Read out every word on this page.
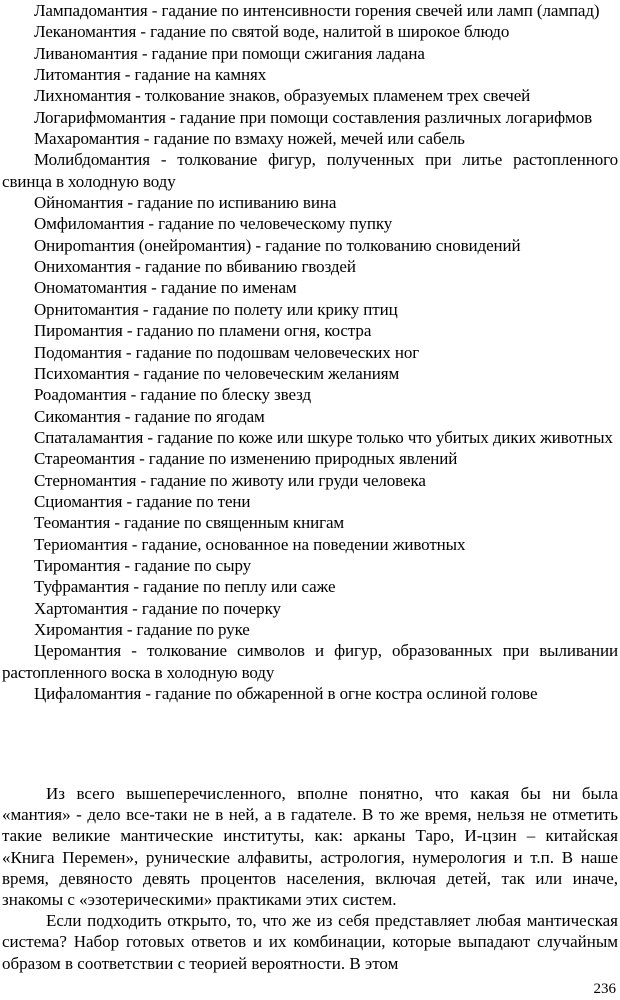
Лампадомантия - гадание по интенсивности горения свечей или ламп (лампад)

Леканомантия - гадание по святой воде, налитой в широкое блюдо

Ливаномантия - гадание при помощи сжигания ладана

Литомантия - гадание на камнях

Лихномантия - толкование знаков, образуемых пламенем трех свечей

Логарифмомантия - гадание при помощи составления различных логарифмов

Махаромантия - гадание по взмаху ножей, мечей или сабель

Молибдомантия - толкование фигур, полученных при литье растопленного свинца в холодную воду

Ойномантия - гадание по испиванию вина

Омфиломантия - гадание по человеческому пупку

Онирomaнтия (онейромантия) - гадание по толкованию сновидений

Онихомантия - гадание по вбиванию гвоздей

Ономатомантия - гадание по именам

Орнитомантия - гадание по полету или крику птиц

Пиромантия - гаданио по пламени огня, костра

Подомантия - гадание по подошвам человеческих ног

Психомантия - гадание по человеческим желаниям

Роадомантия - гадание по блеску звезд

Сикомантия - гадание по ягодам

Спаталамантия - гадание по коже или шкуре только что убитых диких животных

Стареомантия - гадание по изменению природных явлений

Стерномантия - гадание по животу или груди человека

Сциомантия - гадание по тени

Теомантия - гадание по священным книгам

Териомантия - гадание, основанное на поведении животных

Тиромантия - гадание по сыру

Туфрамантия - гадание по пеплу или саже

Хартомантия - гадание по почерку

Хиромантия - гадание по руке

Церомантия - толкование символов и фигур, образованных при выливании растопленного воска в холодную воду

Цифаломантия - гадание по обжаренной в огне костра ослиной голове

Из всего вышеперечисленного, вполне понятно, что какая бы ни была «мантия» - дело все-таки не в ней, а в гадателе. В то же время, нельзя не отметить такие великие мантические институты, как: арканы Таро, И-цзин – китайская «Книга Перемен», рунические алфавиты, астрология, нумерология и т.п. В наше время, девяносто девять процентов населения, включая детей, так или иначе, знакомы с «эзотерическими» практиками этих систем.

Если подходить открыто, то, что же из себя представляет любая мантическая система? Набор готовых ответов и их комбинации, которые выпадают случайным образом в соответствии с теорией вероятности. В этом

236
